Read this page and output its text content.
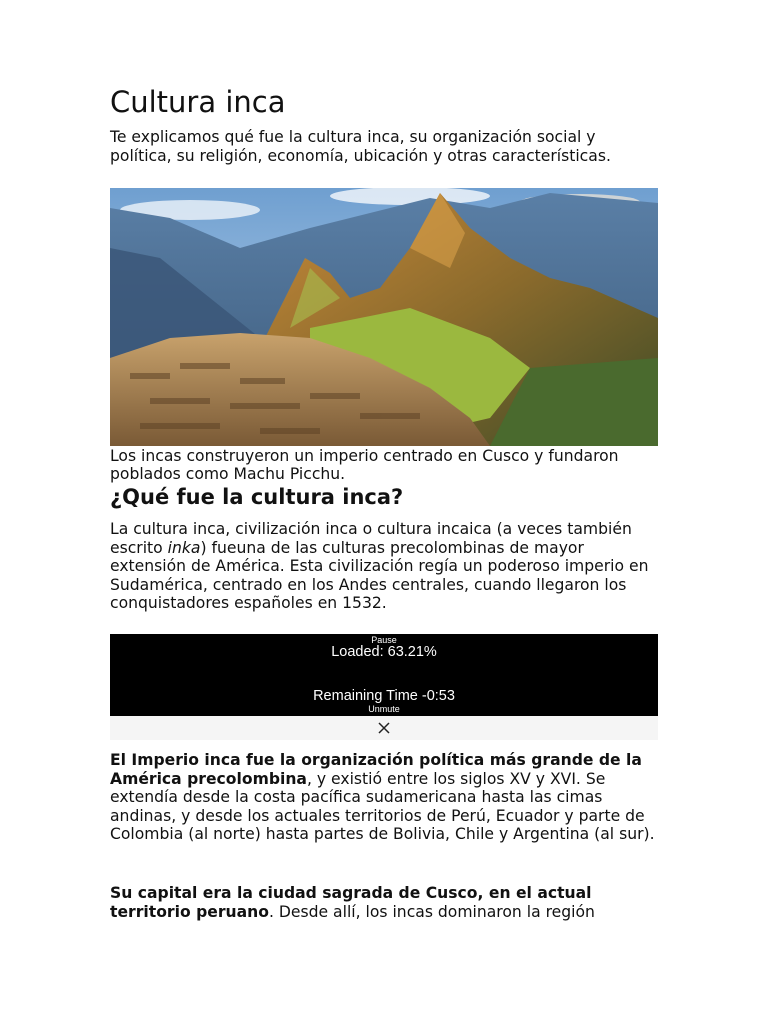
Cultura inca

Te explicamos qué fue la cultura inca, su organización social y política, su religión, economía, ubicación y otras características.

Los incas construyeron un imperio centrado en Cusco y fundaron poblados como Machu Picchu.

¿Qué fue la cultura inca?

La cultura inca, civilización inca o cultura incaica (a veces también escrito inka) fueuna de las culturas precolombinas de mayor extensión de América. Esta civilización regía un poderoso imperio en Sudamérica, centrado en los Andes centrales, cuando llegaron los conquistadores españoles en 1532.

Pause
Loaded: 63.21%
Remaining Time -0:53
Unmute

El Imperio inca fue la organización política más grande de la América precolombina, y existió entre los siglos XV y XVI. Se extendía desde la costa pacífica sudamericana hasta las cimas andinas, y desde los actuales territorios de Perú, Ecuador y parte de Colombia (al norte) hasta partes de Bolivia, Chile y Argentina (al sur).

Su capital era la ciudad sagrada de Cusco, en el actual territorio peruano. Desde allí, los incas dominaron la región
